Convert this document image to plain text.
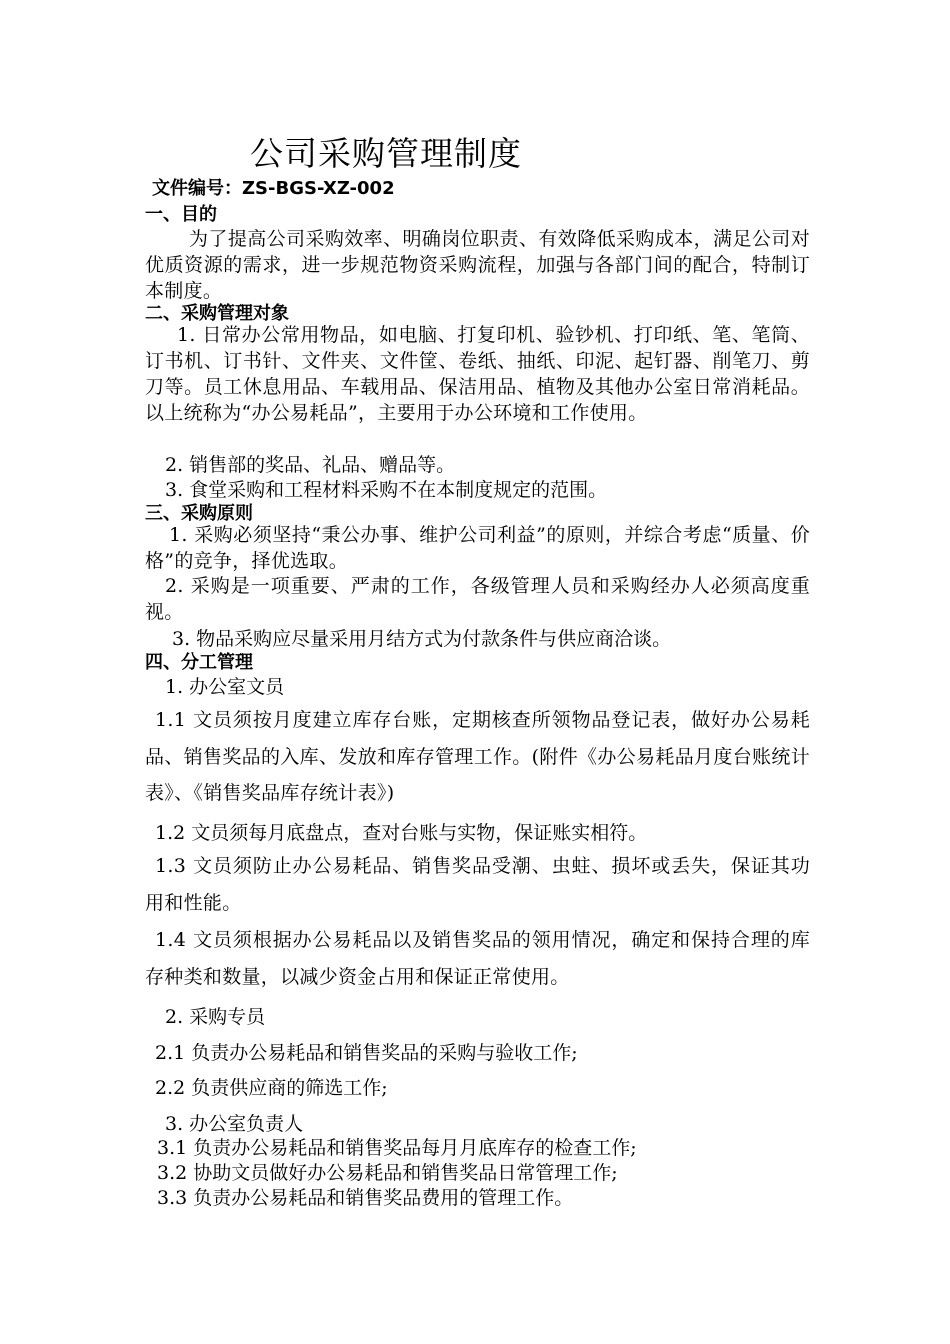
公司采购管理制度
文件编号：ZS-BGS-XZ-002
一、目的
为了提高公司采购效率、明确岗位职责、有效降低采购成本，满足公司对优质资源的需求，进一步规范物资采购流程，加强与各部门间的配合，特制订本制度。
二、采购管理对象
1. 日常办公常用物品，如电脑、打复印机、验钞机、打印纸、笔、笔筒、订书机、订书针、文件夹、文件筐、卷纸、抽纸、印泥、起钉器、削笔刀、剪刀等。员工休息用品、车载用品、保洁用品、植物及其他办公室日常消耗品。以上统称为“办公易耗品”，主要用于办公环境和工作使用。
2. 销售部的奖品、礼品、赠品等。
3. 食堂采购和工程材料采购不在本制度规定的范围。
三、采购原则
1. 采购必须坚持“秉公办事、维护公司利益”的原则，并综合考虑“质量、价格”的竞争，择优选取。
2. 采购是一项重要、严肃的工作，各级管理人员和采购经办人必须高度重视。
3. 物品采购应尽量采用月结方式为付款条件与供应商洽谈。
四、分工管理
1. 办公室文员
1.1 文员须按月度建立库存台账，定期核查所领物品登记表，做好办公易耗品、销售奖品的入库、发放和库存管理工作。(附件《办公易耗品月度台账统计表》、《销售奖品库存统计表》)
1.2 文员须每月底盘点，查对台账与实物，保证账实相符。
1.3 文员须防止办公易耗品、销售奖品受潮、虫蛀、损坏或丢失，保证其功用和性能。
1.4 文员须根据办公易耗品以及销售奖品的领用情况，确定和保持合理的库存种类和数量，以减少资金占用和保证正常使用。
2. 采购专员
2.1 负责办公易耗品和销售奖品的采购与验收工作;
2.2 负责供应商的筛选工作;
3. 办公室负责人
3.1 负责办公易耗品和销售奖品每月月底库存的检查工作;
3.2 协助文员做好办公易耗品和销售奖品日常管理工作;
3.3 负责办公易耗品和销售奖品费用的管理工作。
